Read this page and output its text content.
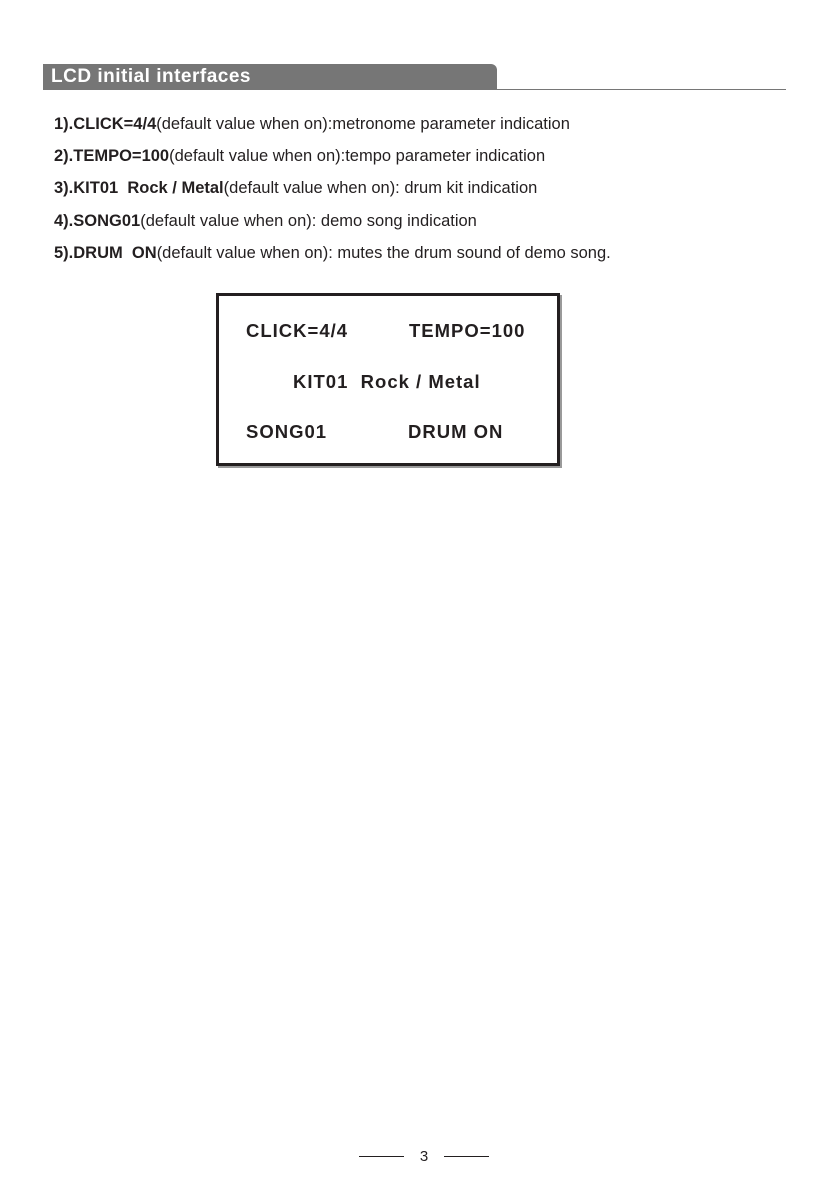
LCD initial interfaces
1).CLICK=4/4(default value when on):metronome parameter indication
2).TEMPO=100(default value when on):tempo parameter indication
3).KIT01  Rock / Metal(default value when on): drum kit indication
4).SONG01(default value when on): demo song indication
5).DRUM  ON(default value when on): mutes the drum sound of demo song.
CLICK=4/4	TEMPO=100
KIT01  Rock / Metal
SONG01	DRUM ON
3
